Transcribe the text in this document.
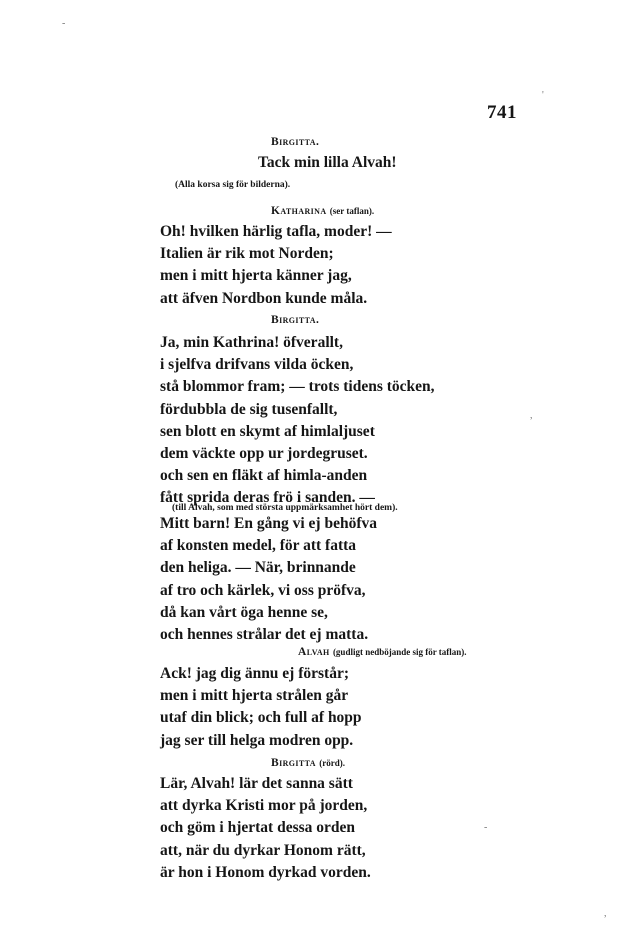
741
Birgitta.
Tack min lilla Alvah!
(Alla korsa sig för bilderna).
Katharina (ser taflan).
Oh! hvilken härlig tafla, moder! —
Italien är rik mot Norden;
men i mitt hjerta känner jag,
att äfven Nordbon kunde måla.
Birgitta.
Ja, min Kathrina! öfverallt,
i sjelfva drifvans vilda öcken,
stå blommor fram; — trots tidens töcken,
fördubbla de sig tusenfallt,
sen blott en skymt af himlaljuset
dem väckte opp ur jordegruset.
och sen en fläkt af himla-anden
fått sprida deras frö i sanden. —
(till Alvah, som med största uppmärksamhet hört dem).
Mitt barn! En gång vi ej behöfva
af konsten medel, för att fatta
den heliga. — När, brinnande
af tro och kärlek, vi oss pröfva,
då kan vårt öga henne se,
och hennes strålar det ej matta.
Alvah (gudligt nedböjande sig för taflan).
Ack! jag dig ännu ej förstår;
men i mitt hjerta strålen går
utaf din blick; och full af hopp
jag ser till helga modren opp.
Birgitta (rörd).
Lär, Alvah! lär det sanna sätt
att dyrka Kristi mor på jorden,
och göm i hjertat dessa orden
att, när du dyrkar Honom rätt,
är hon i Honom dyrkad vorden.
-
'
,
-
,
